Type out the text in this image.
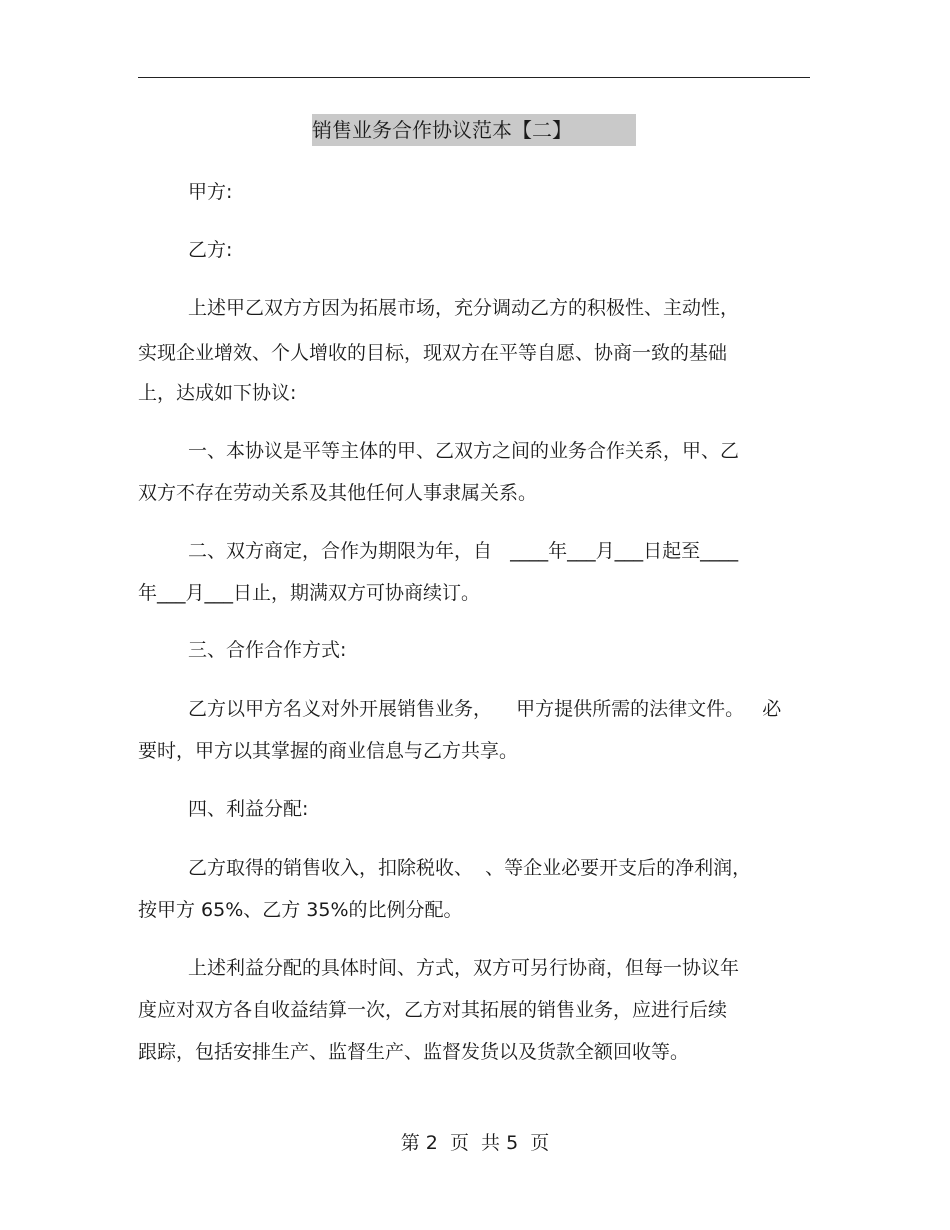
销售业务合作协议范本【二】
甲方:
乙方:
上述甲乙双方方因为拓展市场，充分调动乙方的积极性、主动性，
实现企业增效、个人增收的目标，现双方在平等自愿、协商一致的基础
上，达成如下协议:
一、本协议是平等主体的甲、乙双方之间的业务合作关系，甲、乙
双方不存在劳动关系及其他任何人事隶属关系。
二、双方商定，合作为期限为年，自   ____年___月___日起至____
年___月___日止，期满双方可协商续订。
三、合作合作方式:
乙方以甲方名义对外开展销售业务，    甲方提供所需的法律文件。   必
要时，甲方以其掌握的商业信息与乙方共享。
四、利益分配:
乙方取得的销售收入，扣除税收、  、等企业必要开支后的净利润，
按甲方 65%、乙方 35%的比例分配。
上述利益分配的具体时间、方式，双方可另行协商，但每一协议年
度应对双方各自收益结算一次，乙方对其拓展的销售业务，应进行后续
跟踪，包括安排生产、监督生产、监督发货以及货款全额回收等。
第 2  页  共 5  页
